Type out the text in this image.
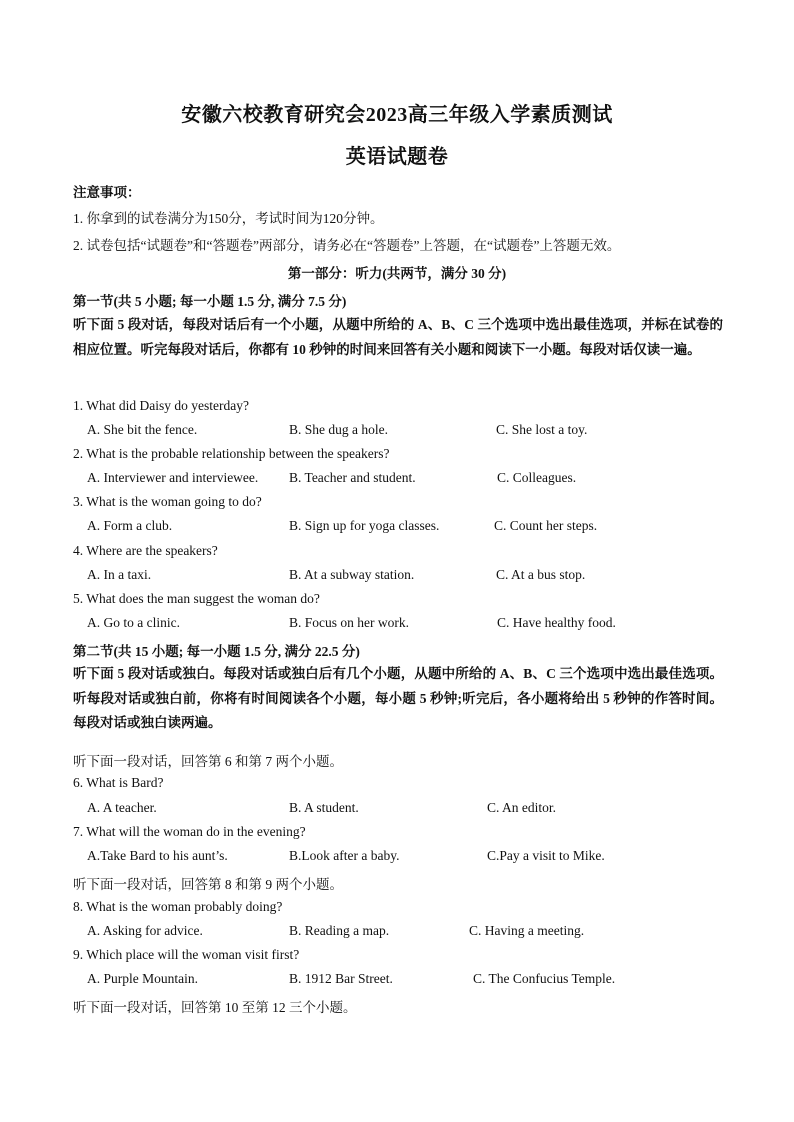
安徽六校教育研究会2023高三年级入学素质测试
英语试题卷
注意事项：
1. 你拿到的试卷满分为150分，考试时间为120分钟。
2. 试卷包括“试题卷”和“答题卷”两部分，请务必在“答题卷”上答题，在“试题卷”上答题无效。
第一部分：听力(共两节，满分 30 分)
第一节(共 5 小题; 每一小题 1.5 分, 满分 7.5 分)
听下面 5 段对话，每段对话后有一个小题，从题中所给的 A、B、C 三个选项中选出最佳选项，并标在试卷的相应位置。听完每段对话后，你都有 10 秒钟的时间来回答有关小题和阅读下一小题。每段对话仅读一遍。
1. What did Daisy do yesterday?
A. She bit the fence.	B. She dug a hole.	C. She lost a toy.
2. What is the probable relationship between the speakers?
A. Interviewer and interviewee. B. Teacher and student.	C. Colleagues.
3. What is the woman going to do?
A. Form a club.	B. Sign up for yoga classes.	C. Count her steps.
4. Where are the speakers?
A. In a taxi.	B. At a subway station.	C. At a bus stop.
5. What does the man suggest the woman do?
A. Go to a clinic.	B. Focus on her work.	C. Have healthy food.
第二节(共 15 小题; 每一小题 1.5 分, 满分 22.5 分)
听下面 5 段对话或独白。每段对话或独白后有几个小题，从题中所给的 A、B、C 三个选项中选出最佳选项。听每段对话或独白前，你将有时间阅读各个小题，每小题 5 秒钟;听完后，各小题将给出 5 秒钟的作答时间。每段对话或独白读两遍。
听下面一段对话，回答第 6 和第 7 两个小题。
6. What is Bard?
A. A teacher.	B. A student.	C. An editor.
7. What will the woman do in the evening?
A.Take Bard to his aunt’s.	B.Look after a baby.	C.Pay a visit to Mike.
听下面一段对话，回答第 8 和第 9 两个小题。
8. What is the woman probably doing?
A. Asking for advice.	B. Reading a map.	C. Having a meeting.
9. Which place will the woman visit first?
A. Purple Mountain.	B. 1912 Bar Street.	C. The Confucius Temple.
听下面一段对话，回答第 10 至第 12 三个小题。
